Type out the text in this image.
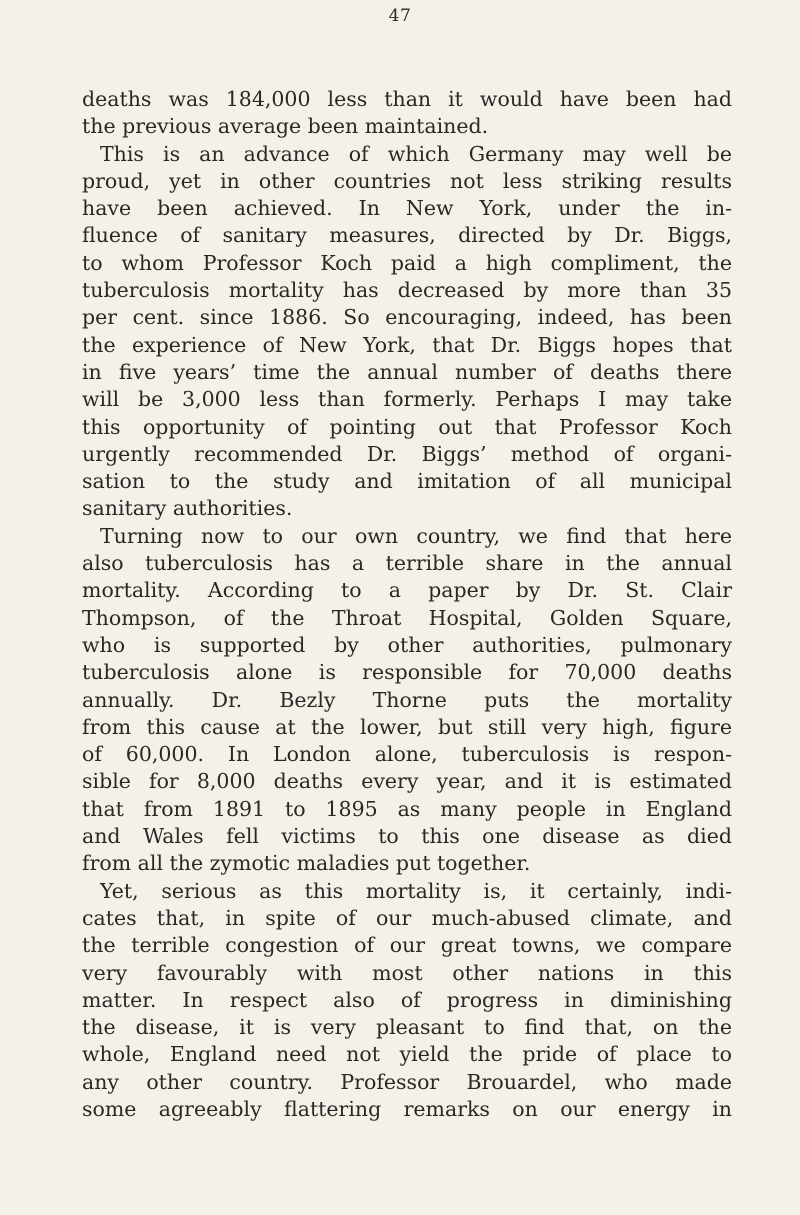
47
deaths was 184,000 less than it would have been had
the previous average been maintained.
This is an advance of which Germany may well be
proud, yet in other countries not less striking results
have been achieved. In New York, under the in-
fluence of sanitary measures, directed by Dr. Biggs,
to whom Professor Koch paid a high compliment, the
tuberculosis mortality has decreased by more than 35
per cent. since 1886. So encouraging, indeed, has been
the experience of New York, that Dr. Biggs hopes that
in five years’ time the annual number of deaths there
will be 3,000 less than formerly. Perhaps I may take
this opportunity of pointing out that Professor Koch
urgently recommended Dr. Biggs’ method of organi-
sation to the study and imitation of all municipal
sanitary authorities.
Turning now to our own country, we find that here
also tuberculosis has a terrible share in the annual
mortality. According to a paper by Dr. St. Clair
Thompson, of the Throat Hospital, Golden Square,
who is supported by other authorities, pulmonary
tuberculosis alone is responsible for 70,000 deaths
annually. Dr. Bezly Thorne puts the mortality
from this cause at the lower, but still very high, figure
of 60,000. In London alone, tuberculosis is respon-
sible for 8,000 deaths every year, and it is estimated
that from 1891 to 1895 as many people in England
and Wales fell victims to this one disease as died
from all the zymotic maladies put together.
Yet, serious as this mortality is, it certainly, indi-
cates that, in spite of our much-abused climate, and
the terrible congestion of our great towns, we compare
very favourably with most other nations in this
matter. In respect also of progress in diminishing
the disease, it is very pleasant to find that, on the
whole, England need not yield the pride of place to
any other country. Professor Brouardel, who made
some agreeably flattering remarks on our energy in
